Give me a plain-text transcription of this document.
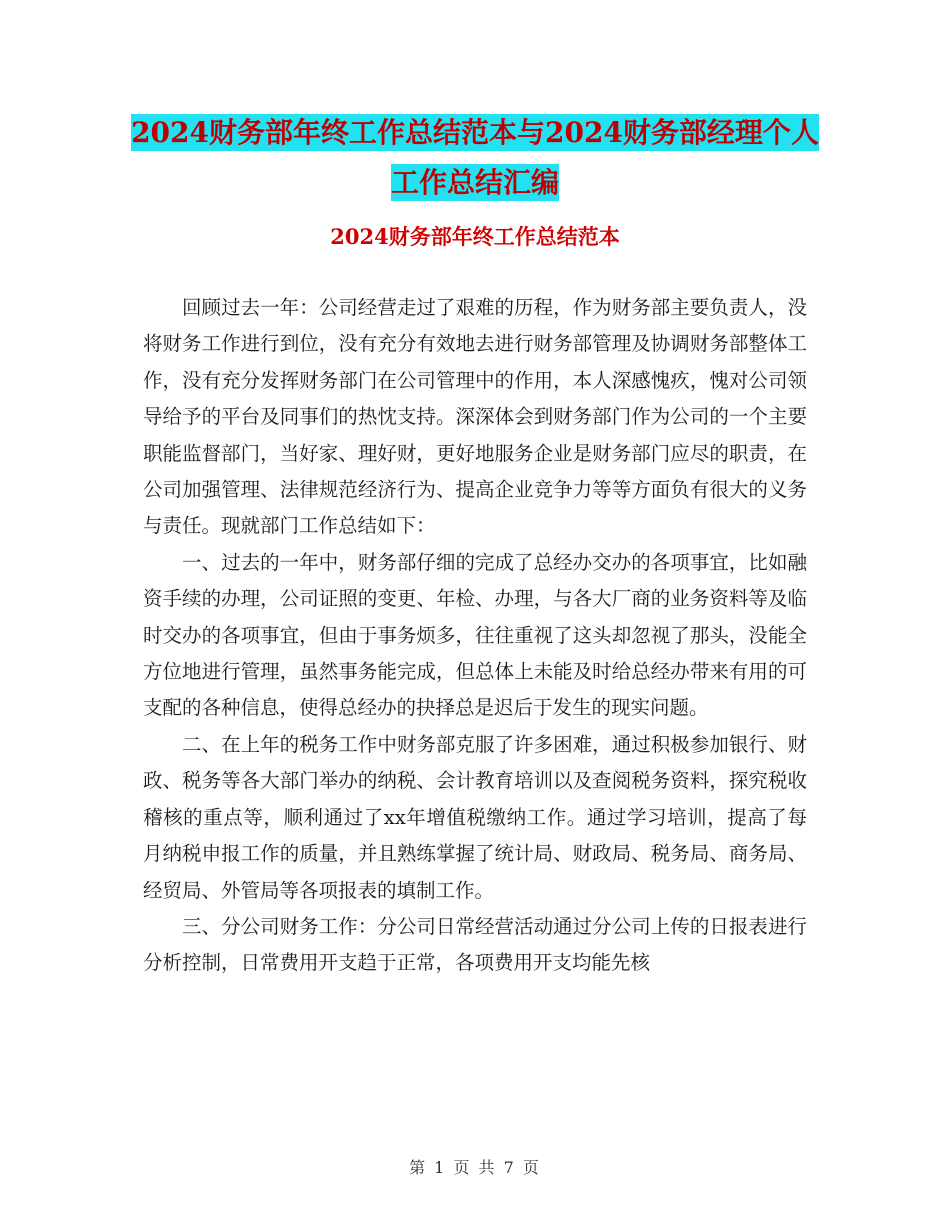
2024财务部年终工作总结范本与2024财务部经理个人
工作总结汇编
2024财务部年终工作总结范本

回顾过去一年：公司经营走过了艰难的历程，作为财务部主要负责人，没将财务工作进行到位，没有充分有效地去进行财务部管理及协调财务部整体工作，没有充分发挥财务部门在公司管理中的作用，本人深感愧疚，愧对公司领导给予的平台及同事们的热忱支持。深深体会到财务部门作为公司的一个主要职能监督部门，当好家、理好财，更好地服务企业是财务部门应尽的职责，在公司加强管理、法律规范经济行为、提高企业竞争力等等方面负有很大的义务与责任。现就部门工作总结如下：

一、过去的一年中，财务部仔细的完成了总经办交办的各项事宜，比如融资手续的办理，公司证照的变更、年检、办理，与各大厂商的业务资料等及临时交办的各项事宜，但由于事务烦多，往往重视了这头却忽视了那头，没能全方位地进行管理，虽然事务能完成，但总体上未能及时给总经办带来有用的可支配的各种信息，使得总经办的抉择总是迟后于发生的现实问题。

二、在上年的税务工作中财务部克服了许多困难，通过积极参加银行、财政、税务等各大部门举办的纳税、会计教育培训以及查阅税务资料，探究税收稽核的重点等，顺利通过了xx年增值税缴纳工作。通过学习培训，提高了每月纳税申报工作的质量，并且熟练掌握了统计局、财政局、税务局、商务局、经贸局、外管局等各项报表的填制工作。

三、分公司财务工作：分公司日常经营活动通过分公司上传的日报表进行分析控制，日常费用开支趋于正常，各项费用开支均能先核

第 1 页 共 7 页
